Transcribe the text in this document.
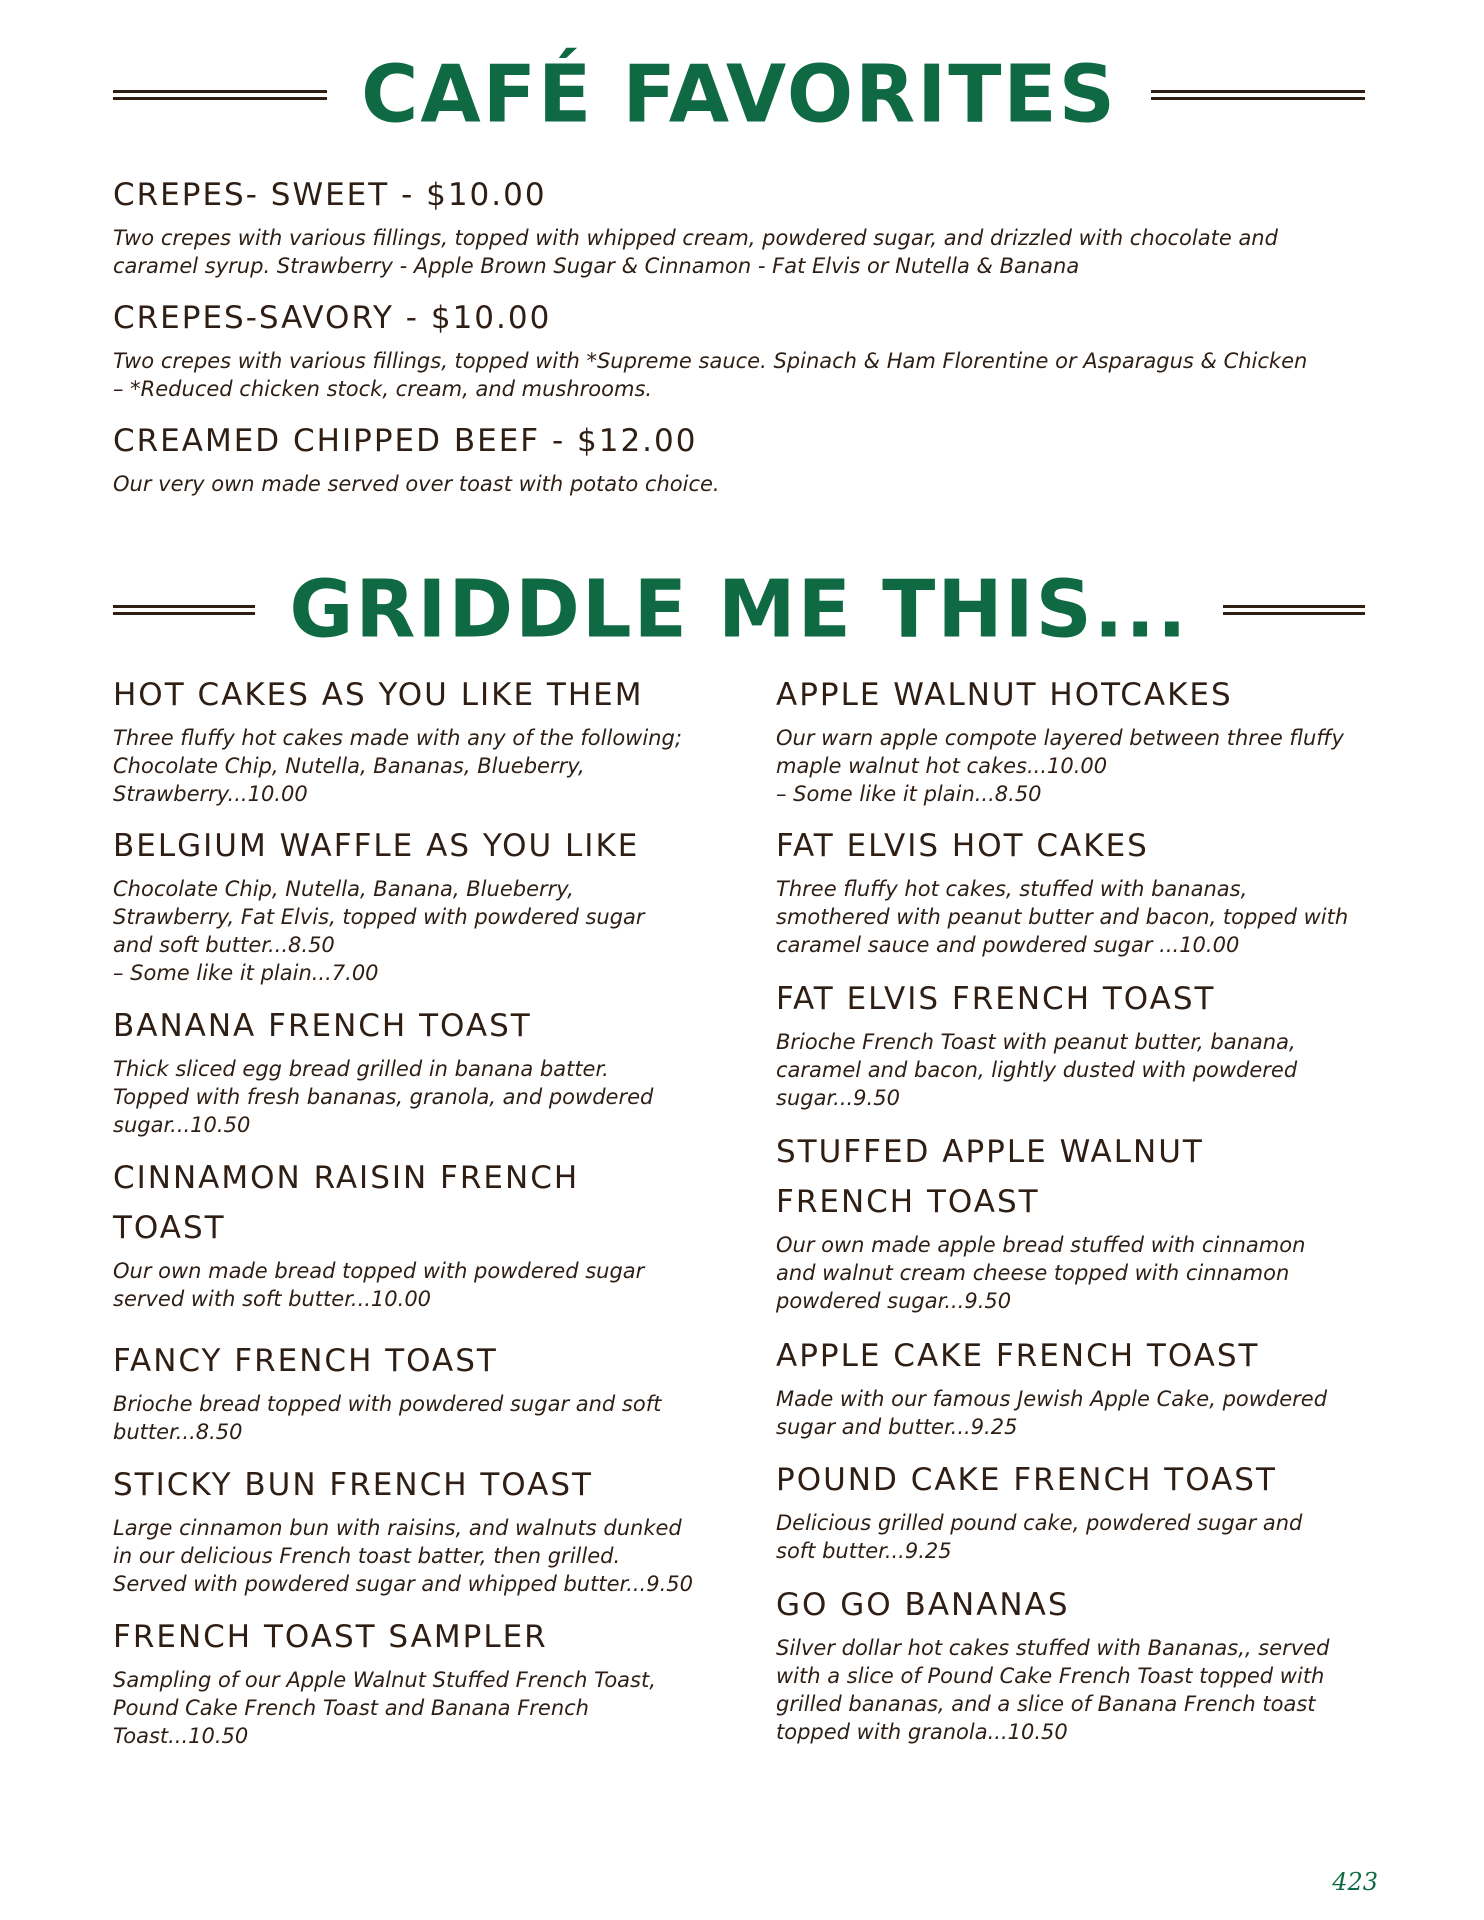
CAFÉ FAVORITES
CREPES- SWEET - $10.00

Two crepes with various fillings, topped with whipped cream, powdered sugar, and drizzled with chocolate and
caramel syrup. Strawberry - Apple Brown Sugar & Cinnamon - Fat Elvis or Nutella & Banana

CREPES-SAVORY - $10.00

Two crepes with various fillings, topped with *Supreme sauce. Spinach & Ham Florentine or Asparagus & Chicken
– *Reduced chicken stock, cream, and mushrooms.

CREAMED CHIPPED BEEF - $12.00

Our very own made served over toast with potato choice.

GRIDDLE ME THIS...
HOT CAKES AS YOU LIKE THEM

Three fluffy hot cakes made with any of the following;
Chocolate Chip, Nutella, Bananas, Blueberry,
Strawberry...10.00

BELGIUM WAFFLE AS YOU LIKE

Chocolate Chip, Nutella, Banana, Blueberry,
Strawberry, Fat Elvis, topped with powdered sugar
and soft butter...8.50
– Some like it plain...7.00

BANANA FRENCH TOAST

Thick sliced egg bread grilled in banana batter.
Topped with fresh bananas, granola, and powdered
sugar...10.50

CINNAMON RAISIN FRENCH
TOAST

Our own made bread topped with powdered sugar
served with soft butter...10.00

FANCY FRENCH TOAST

Brioche bread topped with powdered sugar and soft
butter...8.50

STICKY BUN FRENCH TOAST

Large cinnamon bun with raisins, and walnuts dunked
in our delicious French toast batter, then grilled.
Served with powdered sugar and whipped butter...9.50

FRENCH TOAST SAMPLER

Sampling of our Apple Walnut Stuffed French Toast,
Pound Cake French Toast and Banana French
Toast...10.50

APPLE WALNUT HOTCAKES

Our warn apple compote layered between three fluffy
maple walnut hot cakes...10.00
– Some like it plain...8.50

FAT ELVIS HOT CAKES

Three fluffy hot cakes, stuffed with bananas,
smothered with peanut butter and bacon, topped with
caramel sauce and powdered sugar ...10.00

FAT ELVIS FRENCH TOAST

Brioche French Toast with peanut butter, banana,
caramel and bacon, lightly dusted with powdered
sugar...9.50

STUFFED APPLE WALNUT
FRENCH TOAST

Our own made apple bread stuffed with cinnamon
and walnut cream cheese topped with cinnamon
powdered sugar...9.50

APPLE CAKE FRENCH TOAST

Made with our famous Jewish Apple Cake, powdered
sugar and butter...9.25

POUND CAKE FRENCH TOAST

Delicious grilled pound cake, powdered sugar and
soft butter...9.25

GO GO BANANAS

Silver dollar hot cakes stuffed with Bananas,, served
with a slice of Pound Cake French Toast topped with
grilled bananas, and a slice of Banana French toast
topped with granola...10.50

423
